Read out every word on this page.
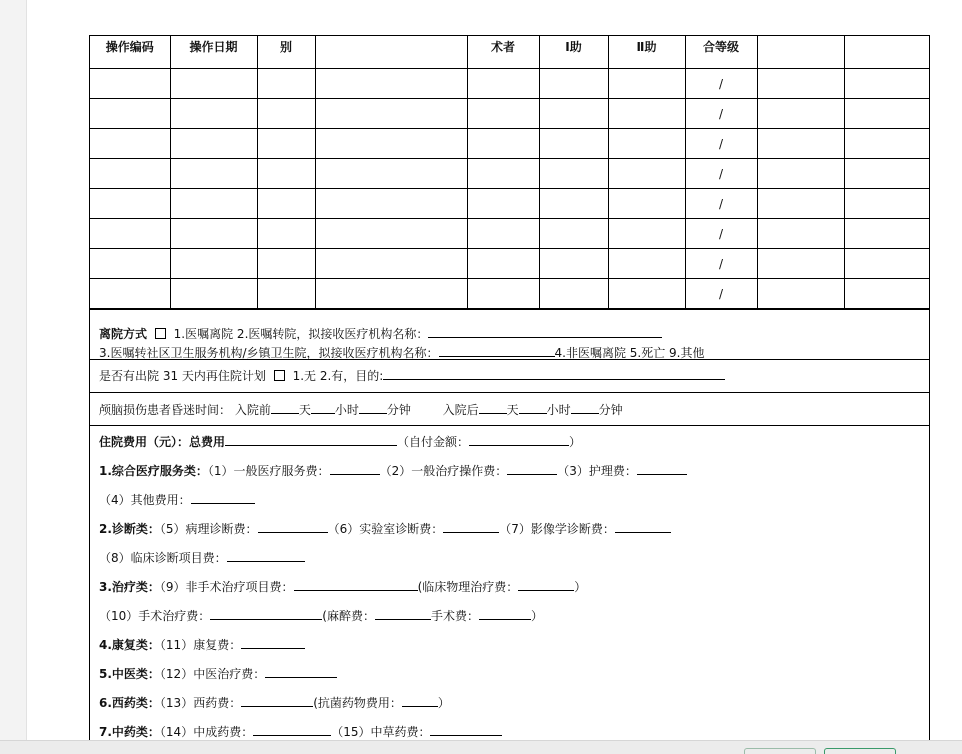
操作编码	操作日期	别		术者	Ⅰ助	Ⅱ助	合等级		
							/		
							/		
							/		
							/		
							/		
							/		
							/		
							/		
离院方式 1.医嘱离院 2.医嘱转院，拟接收医疗机构名称：
3.医嘱转社区卫生服务机构/乡镇卫生院，拟接收医疗机构名称：	4.非医嘱离院 5.死亡 9.其他
是否有出院 31 天内再住院计划 1.无 2.有，目的:
颅脑损伤患者昏迷时间： 入院前 天 小时 分钟	入院后 天 小时 分钟
住院费用（元）：总费用	（自付金额：	）
1.综合医疗服务类：（1）一般医疗服务费：	（2）一般治疗操作费：	（3）护理费：
（4）其他费用：
2.诊断类：（5）病理诊断费：	（6）实验室诊断费：	（7）影像学诊断费：
（8）临床诊断项目费：
3.治疗类：（9）非手术治疗项目费：	(临床物理治疗费：	）
（10）手术治疗费：	(麻醉费：	手术费：	）
4.康复类：（11）康复费：
5.中医类：（12）中医治疗费：
6.西药类：（13）西药费：	(抗菌药物费用：	）
7.中药类：（14）中成药费：	（15）中草药费：
